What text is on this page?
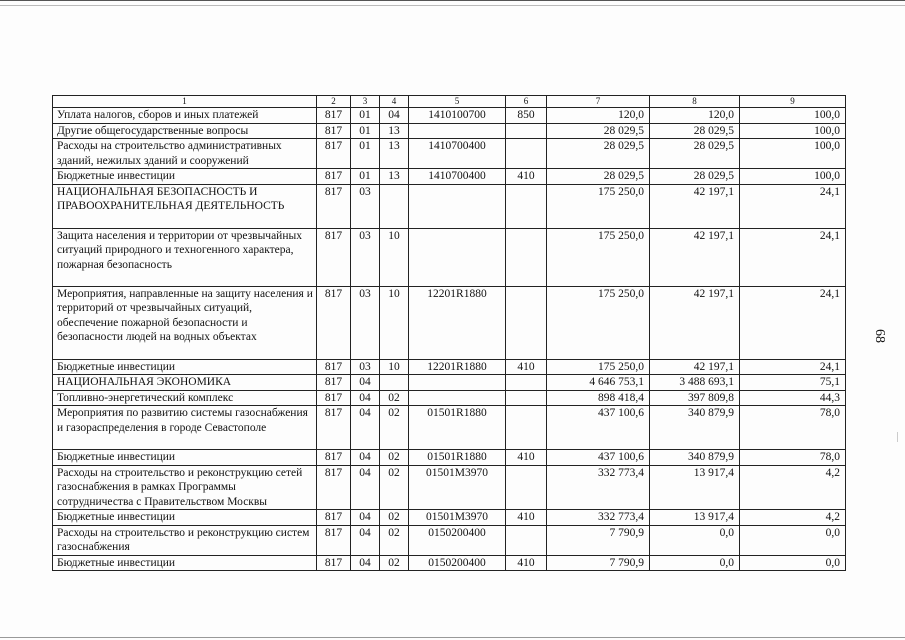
1	2	3	4	5	6	7	8	9
Уплата налогов, сборов и иных платежей	817	01	04	1410100700	850	120,0	120,0	100,0
Другие общегосударственные вопросы	817	01	13			28 029,5	28 029,5	100,0
Расходы на строительство административных зданий, нежилых зданий и сооружений	817	01	13	1410700400		28 029,5	28 029,5	100,0
Бюджетные инвестиции	817	01	13	1410700400	410	28 029,5	28 029,5	100,0
НАЦИОНАЛЬНАЯ БЕЗОПАСНОСТЬ И ПРАВООХРАНИТЕЛЬНАЯ ДЕЯТЕЛЬНОСТЬ	817	03				175 250,0	42 197,1	24,1
Защита населения и территории от чрезвычайных ситуаций природного и техногенного характера, пожарная безопасность	817	03	10			175 250,0	42 197,1	24,1
Мероприятия, направленные на защиту населения и территорий от чрезвычайных ситуаций, обеспечение пожарной безопасности и безопасности людей на водных объектах	817	03	10	12201R1880		175 250,0	42 197,1	24,1
Бюджетные инвестиции	817	03	10	12201R1880	410	175 250,0	42 197,1	24,1
НАЦИОНАЛЬНАЯ ЭКОНОМИКА	817	04				4 646 753,1	3 488 693,1	75,1
Топливно-энергетический комплекс	817	04	02			898 418,4	397 809,8	44,3
Мероприятия по развитию системы газоснабжения и газораспределения в городе Севастополе	817	04	02	01501R1880		437 100,6	340 879,9	78,0
Бюджетные инвестиции	817	04	02	01501R1880	410	437 100,6	340 879,9	78,0
Расходы на строительство и реконструкцию сетей газоснабжения в рамках Программы сотрудничества с Правительством Москвы	817	04	02	01501M3970		332 773,4	13 917,4	4,2
Бюджетные инвестиции	817	04	02	01501M3970	410	332 773,4	13 917,4	4,2
Расходы на строительство и реконструкцию систем газоснабжения	817	04	02	0150200400		7 790,9	0,0	0,0
Бюджетные инвестиции	817	04	02	0150200400	410	7 790,9	0,0	0,0
68
